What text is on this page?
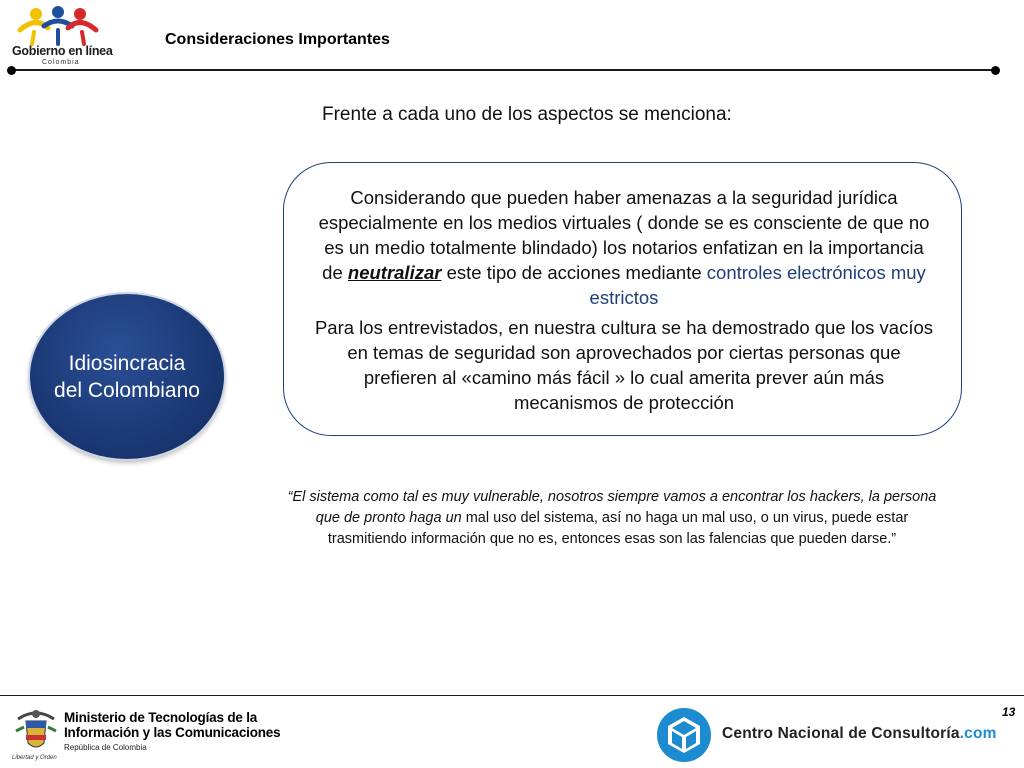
Gobierno en línea
Colombia
Consideraciones Importantes
Frente a cada uno de los aspectos se menciona:
Considerando que pueden haber amenazas a la seguridad jurídica especialmente en los medios virtuales ( donde se es consciente de que no es un medio totalmente blindado) los notarios enfatizan en la importancia de neutralizar este tipo de acciones mediante controles electrónicos muy estrictos
Para los entrevistados, en nuestra cultura se ha demostrado que los vacíos en temas de seguridad son aprovechados por ciertas personas que prefieren al «camino más fácil » lo cual amerita prever aún más mecanismos de protección
Idiosincracia del Colombiano
“El sistema como tal es muy vulnerable, nosotros siempre vamos a encontrar los hackers, la persona que de pronto haga un mal uso del sistema, así no haga un mal uso, o un virus, puede estar trasmitiendo información que no es, entonces esas son las falencias que pueden darse.”
13
Ministerio de Tecnologías de la
Información y las Comunicaciones
República de Colombia
Libertad y Orden
Centro Nacional de Consultoría.com
